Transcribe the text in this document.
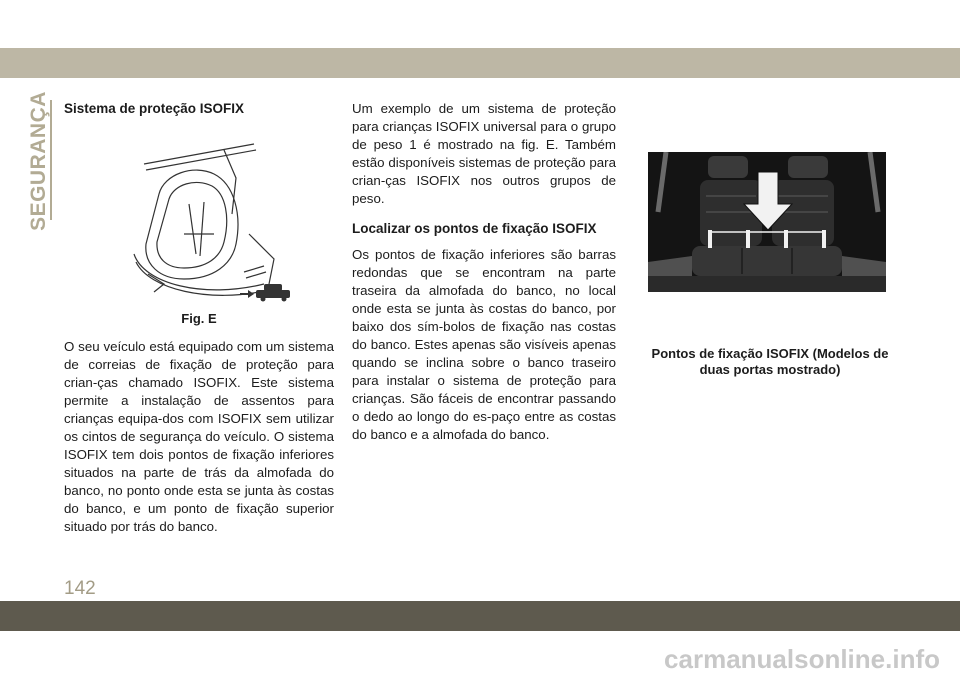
SEGURANÇA Sistema de proteção ISOFIX
Fig. E

O seu veículo está equipado com um sistema de correias de fixação de proteção para crian-ças chamado ISOFIX. Este sistema permite a instalação de assentos para crianças equipa-dos com ISOFIX sem utilizar os cintos de segurança do veículo. O sistema ISOFIX tem dois pontos de fixação inferiores situados na parte de trás da almofada do banco, no ponto onde esta se junta às costas do banco, e um ponto de fixação superior situado por trás do banco.

Um exemplo de um sistema de proteção para crianças ISOFIX universal para o grupo de peso 1 é mostrado na fig. E. Também estão disponíveis sistemas de proteção para crian-ças ISOFIX nos outros grupos de peso.

Localizar os pontos de fixação ISOFIX

Os pontos de fixação inferiores são barras redondas que se encontram na parte traseira da almofada do banco, no local onde esta se junta às costas do banco, por baixo dos sím-bolos de fixação nas costas do banco. Estes apenas são visíveis apenas quando se inclina sobre o banco traseiro para instalar o sistema de proteção para crianças. São fáceis de encontrar passando o dedo ao longo do es-paço entre as costas do banco e a almofada do banco.

Pontos de fixação ISOFIX (Modelos de duas portas mostrado)
142
carmanualsonline.info
